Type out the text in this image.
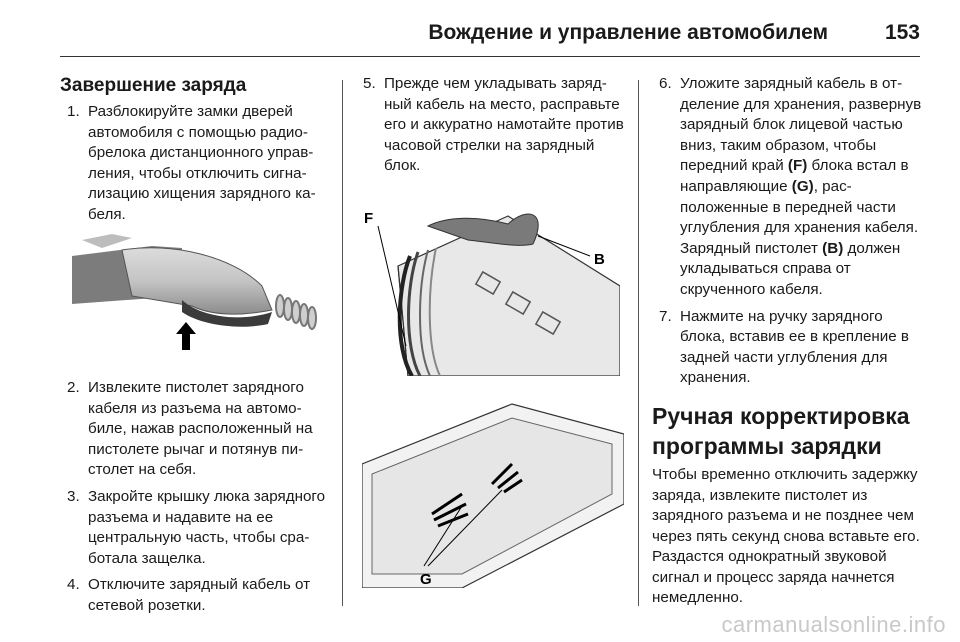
Вождение и управление автомобилем	153
Завершение заряда
1. Разблокируйте замки дверей автомобиля с помощью радиобрелока дистанционного управления, чтобы отключить сигнализацию хищения зарядного кабеля.
2. Извлеките пистолет зарядного кабеля из разъема на автомобиле, нажав расположенный на пистолете рычаг и потянув пистолет на себя.
3. Закройте крышку люка зарядного разъема и надавите на ее центральную часть, чтобы сработала защелка.
4. Отключите зарядный кабель от сетевой розетки.
5. Прежде чем укладывать зарядный кабель на место, расправьте его и аккуратно намотайте против часовой стрелки на зарядный блок.
F
B
G
6. Уложите зарядный кабель в отделение для хранения, развернув зарядный блок лицевой частью вниз, таким образом, чтобы передний край (F) блока встал в направляющие (G), расположенные в передней части углубления для хранения кабеля. Зарядный пистолет (B) должен укладываться справа от скрученного кабеля.
7. Нажмите на ручку зарядного блока, вставив ее в крепление в задней части углубления для хранения.
Ручная корректировка программы зарядки

Чтобы временно отключить задержку заряда, извлеките пистолет из зарядного разъема и не позднее чем через пять секунд снова вставьте его. Раздастся однократный звуковой сигнал и процесс заряда начнется немедленно.

carmanualsonline.info
